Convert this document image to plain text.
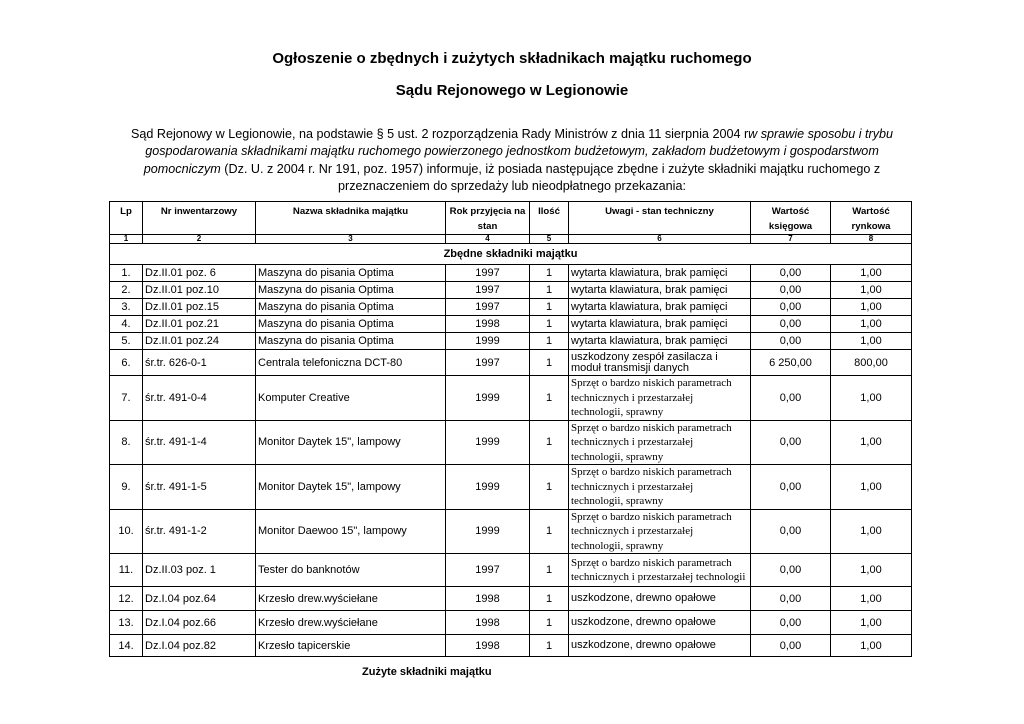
Ogłoszenie o zbędnych i zużytych składnikach majątku ruchomego
Sądu Rejonowego w Legionowie
Sąd Rejonowy w Legionowie, na podstawie § 5 ust. 2 rozporządzenia Rady Ministrów z dnia 11 sierpnia 2004 rw sprawie sposobu i trybu gospodarowania składnikami majątku ruchomego powierzonego jednostkom budżetowym, zakładom budżetowym i gospodarstwom pomocniczym (Dz. U. z 2004 r. Nr 191, poz. 1957) informuje, iż posiada następujące zbędne i zużyte składniki majątku ruchomego z przeznaczeniem do sprzedaży lub nieodpłatnego przekazania:
Lp	Nr inwentarzowy	Nazwa składnika majątku	Rok przyjęcia na stan	Ilość	Uwagi - stan techniczny	Wartość księgowa	Wartość rynkowa
1	2	3	4	5	6	7	8
Zbędne składniki majątku							
1.	Dz.II.01 poz. 6	Maszyna do pisania Optima	1997	1	wytarta klawiatura, brak pamięci	0,00	1,00
2.	Dz.II.01 poz.10	Maszyna do pisania Optima	1997	1	wytarta klawiatura, brak pamięci	0,00	1,00
3.	Dz.II.01 poz.15	Maszyna do pisania Optima	1997	1	wytarta klawiatura, brak pamięci	0,00	1,00
4.	Dz.II.01 poz.21	Maszyna do pisania Optima	1998	1	wytarta klawiatura, brak pamięci	0,00	1,00
5.	Dz.II.01 poz.24	Maszyna do pisania Optima	1999	1	wytarta klawiatura, brak pamięci	0,00	1,00
6.	śr.tr. 626-0-1	Centrala telefoniczna DCT-80	1997	1	uszkodzony zespół zasilacza i moduł transmisji danych	6 250,00	800,00
7.	śr.tr. 491-0-4	Komputer Creative	1999	1	Sprzęt o bardzo niskich parametrach technicznych i przestarzałej technologii, sprawny	0,00	1,00
8.	śr.tr. 491-1-4	Monitor Daytek 15", lampowy	1999	1	Sprzęt o bardzo niskich parametrach technicznych i przestarzałej technologii, sprawny	0,00	1,00
9.	śr.tr. 491-1-5	Monitor Daytek 15", lampowy	1999	1	Sprzęt o bardzo niskich parametrach technicznych i przestarzałej technologii, sprawny	0,00	1,00
10.	śr.tr. 491-1-2	Monitor Daewoo 15", lampowy	1999	1	Sprzęt o bardzo niskich parametrach technicznych i przestarzałej technologii, sprawny	0,00	1,00
11.	Dz.II.03 poz. 1	Tester do banknotów	1997	1	Sprzęt o bardzo niskich parametrach technicznych i przestarzałej technologii	0,00	1,00
12.	Dz.I.04 poz.64	Krzesło drew.wyściełane	1998	1	uszkodzone, drewno opałowe	0,00	1,00
13.	Dz.I.04 poz.66	Krzesło drew.wyściełane	1998	1	uszkodzone, drewno opałowe	0,00	1,00
14.	Dz.I.04 poz.82	Krzesło tapicerskie	1998	1	uszkodzone, drewno opałowe	0,00	1,00
Zużyte składniki majątku
